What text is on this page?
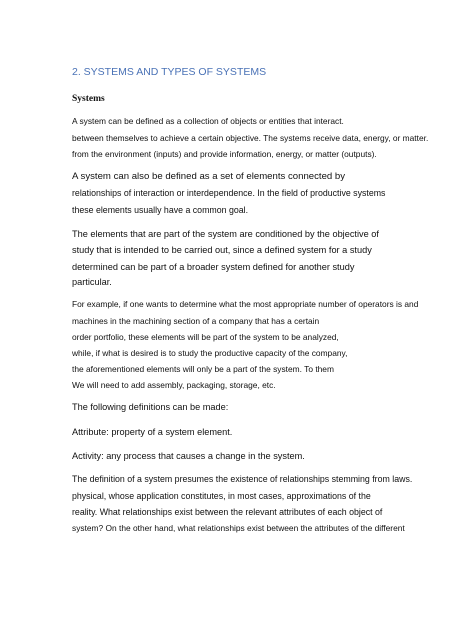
2. SYSTEMS AND TYPES OF SYSTEMS
Systems
A system can be defined as a collection of objects or entities that interact.
between themselves to achieve a certain objective. The systems receive data, energy, or matter.
from the environment (inputs) and provide information, energy, or matter (outputs).
A system can also be defined as a set of elements connected by
relationships of interaction or interdependence. In the field of productive systems
these elements usually have a common goal.
The elements that are part of the system are conditioned by the objective of
study that is intended to be carried out, since a defined system for a study
determined can be part of a broader system defined for another study
particular.
For example, if one wants to determine what the most appropriate number of operators is and
machines in the machining section of a company that has a certain
order portfolio, these elements will be part of the system to be analyzed,
while, if what is desired is to study the productive capacity of the company,
the aforementioned elements will only be a part of the system. To them
We will need to add assembly, packaging, storage, etc.
The following definitions can be made:
Attribute: property of a system element.
Activity: any process that causes a change in the system.
The definition of a system presumes the existence of relationships stemming from laws.
physical, whose application constitutes, in most cases, approximations of the
reality. What relationships exist between the relevant attributes of each object of
system? On the other hand, what relationships exist between the attributes of the different
